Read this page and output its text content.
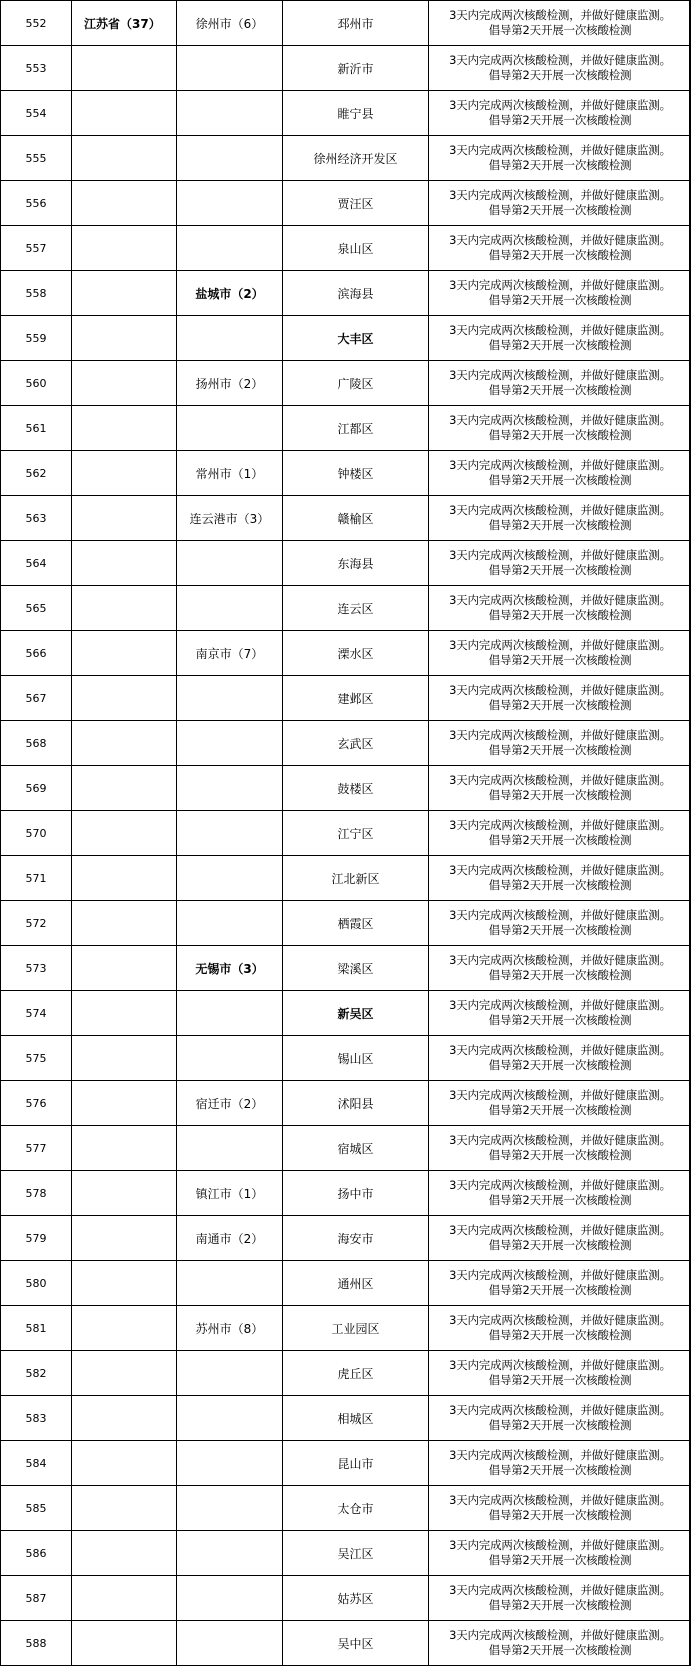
552	江苏省（37）	徐州市（6）	邳州市	3天内完成两次核酸检测，并做好健康监测。
倡导第2天开展一次核酸检测

553			新沂市	3天内完成两次核酸检测，并做好健康监测。
倡导第2天开展一次核酸检测

554			睢宁县	3天内完成两次核酸检测，并做好健康监测。
倡导第2天开展一次核酸检测

555			徐州经济开发区	3天内完成两次核酸检测，并做好健康监测。
倡导第2天开展一次核酸检测

556			贾汪区	3天内完成两次核酸检测，并做好健康监测。
倡导第2天开展一次核酸检测

557			泉山区	3天内完成两次核酸检测，并做好健康监测。
倡导第2天开展一次核酸检测

558		盐城市（2）	滨海县	3天内完成两次核酸检测，并做好健康监测。
倡导第2天开展一次核酸检测

559			大丰区	3天内完成两次核酸检测，并做好健康监测。
倡导第2天开展一次核酸检测

560		扬州市（2）	广陵区	3天内完成两次核酸检测，并做好健康监测。
倡导第2天开展一次核酸检测

561			江都区	3天内完成两次核酸检测，并做好健康监测。
倡导第2天开展一次核酸检测

562		常州市（1）	钟楼区	3天内完成两次核酸检测，并做好健康监测。
倡导第2天开展一次核酸检测

563		连云港市（3）	赣榆区	3天内完成两次核酸检测，并做好健康监测。
倡导第2天开展一次核酸检测

564			东海县	3天内完成两次核酸检测，并做好健康监测。
倡导第2天开展一次核酸检测

565			连云区	3天内完成两次核酸检测，并做好健康监测。
倡导第2天开展一次核酸检测

566		南京市（7）	溧水区	3天内完成两次核酸检测，并做好健康监测。
倡导第2天开展一次核酸检测

567			建邺区	3天内完成两次核酸检测，并做好健康监测。
倡导第2天开展一次核酸检测

568			玄武区	3天内完成两次核酸检测，并做好健康监测。
倡导第2天开展一次核酸检测

569			鼓楼区	3天内完成两次核酸检测，并做好健康监测。
倡导第2天开展一次核酸检测

570			江宁区	3天内完成两次核酸检测，并做好健康监测。
倡导第2天开展一次核酸检测

571			江北新区	3天内完成两次核酸检测，并做好健康监测。
倡导第2天开展一次核酸检测

572			栖霞区	3天内完成两次核酸检测，并做好健康监测。
倡导第2天开展一次核酸检测

573		无锡市（3）	梁溪区	3天内完成两次核酸检测，并做好健康监测。
倡导第2天开展一次核酸检测

574			新吴区	3天内完成两次核酸检测，并做好健康监测。
倡导第2天开展一次核酸检测

575			锡山区	3天内完成两次核酸检测，并做好健康监测。
倡导第2天开展一次核酸检测

576		宿迁市（2）	沭阳县	3天内完成两次核酸检测，并做好健康监测。
倡导第2天开展一次核酸检测

577			宿城区	3天内完成两次核酸检测，并做好健康监测。
倡导第2天开展一次核酸检测

578		镇江市（1）	扬中市	3天内完成两次核酸检测，并做好健康监测。
倡导第2天开展一次核酸检测

579		南通市（2）	海安市	3天内完成两次核酸检测，并做好健康监测。
倡导第2天开展一次核酸检测

580			通州区	3天内完成两次核酸检测，并做好健康监测。
倡导第2天开展一次核酸检测

581		苏州市（8）	工业园区	3天内完成两次核酸检测，并做好健康监测。
倡导第2天开展一次核酸检测

582			虎丘区	3天内完成两次核酸检测，并做好健康监测。
倡导第2天开展一次核酸检测

583			相城区	3天内完成两次核酸检测，并做好健康监测。
倡导第2天开展一次核酸检测

584			昆山市	3天内完成两次核酸检测，并做好健康监测。
倡导第2天开展一次核酸检测

585			太仓市	3天内完成两次核酸检测，并做好健康监测。
倡导第2天开展一次核酸检测

586			吴江区	3天内完成两次核酸检测，并做好健康监测。
倡导第2天开展一次核酸检测

587			姑苏区	3天内完成两次核酸检测，并做好健康监测。
倡导第2天开展一次核酸检测

588			吴中区	3天内完成两次核酸检测，并做好健康监测。
倡导第2天开展一次核酸检测
